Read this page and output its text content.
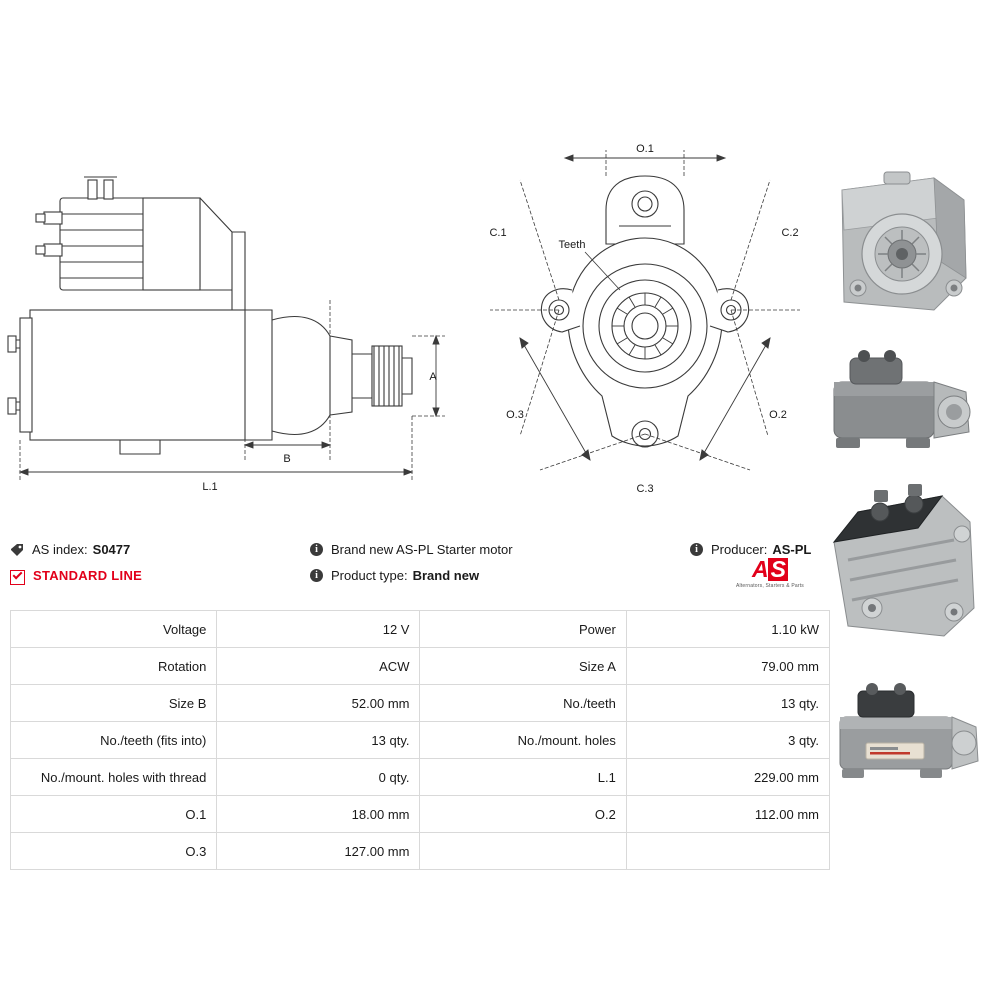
A
B
L.1
O.1
O.3	O.2
C.1	C.2
C.3
Teeth
AS index: S0477	i	Brand new AS-PL Starter motor	i	Producer: AS-PL
STANDARD LINE	i	Product type: Brand new	A S
Alternators, Starters & Parts
Voltage	12 V	Power	1.10 kW
Rotation	ACW	Size A	79.00 mm
Size B	52.00 mm	No./teeth	13 qty.
No./teeth (fits into)	13 qty.	No./mount. holes	3 qty.
No./mount. holes with thread	0 qty.	L.1	229.00 mm
O.1	18.00 mm	O.2	112.00 mm
O.3	127.00 mm		
